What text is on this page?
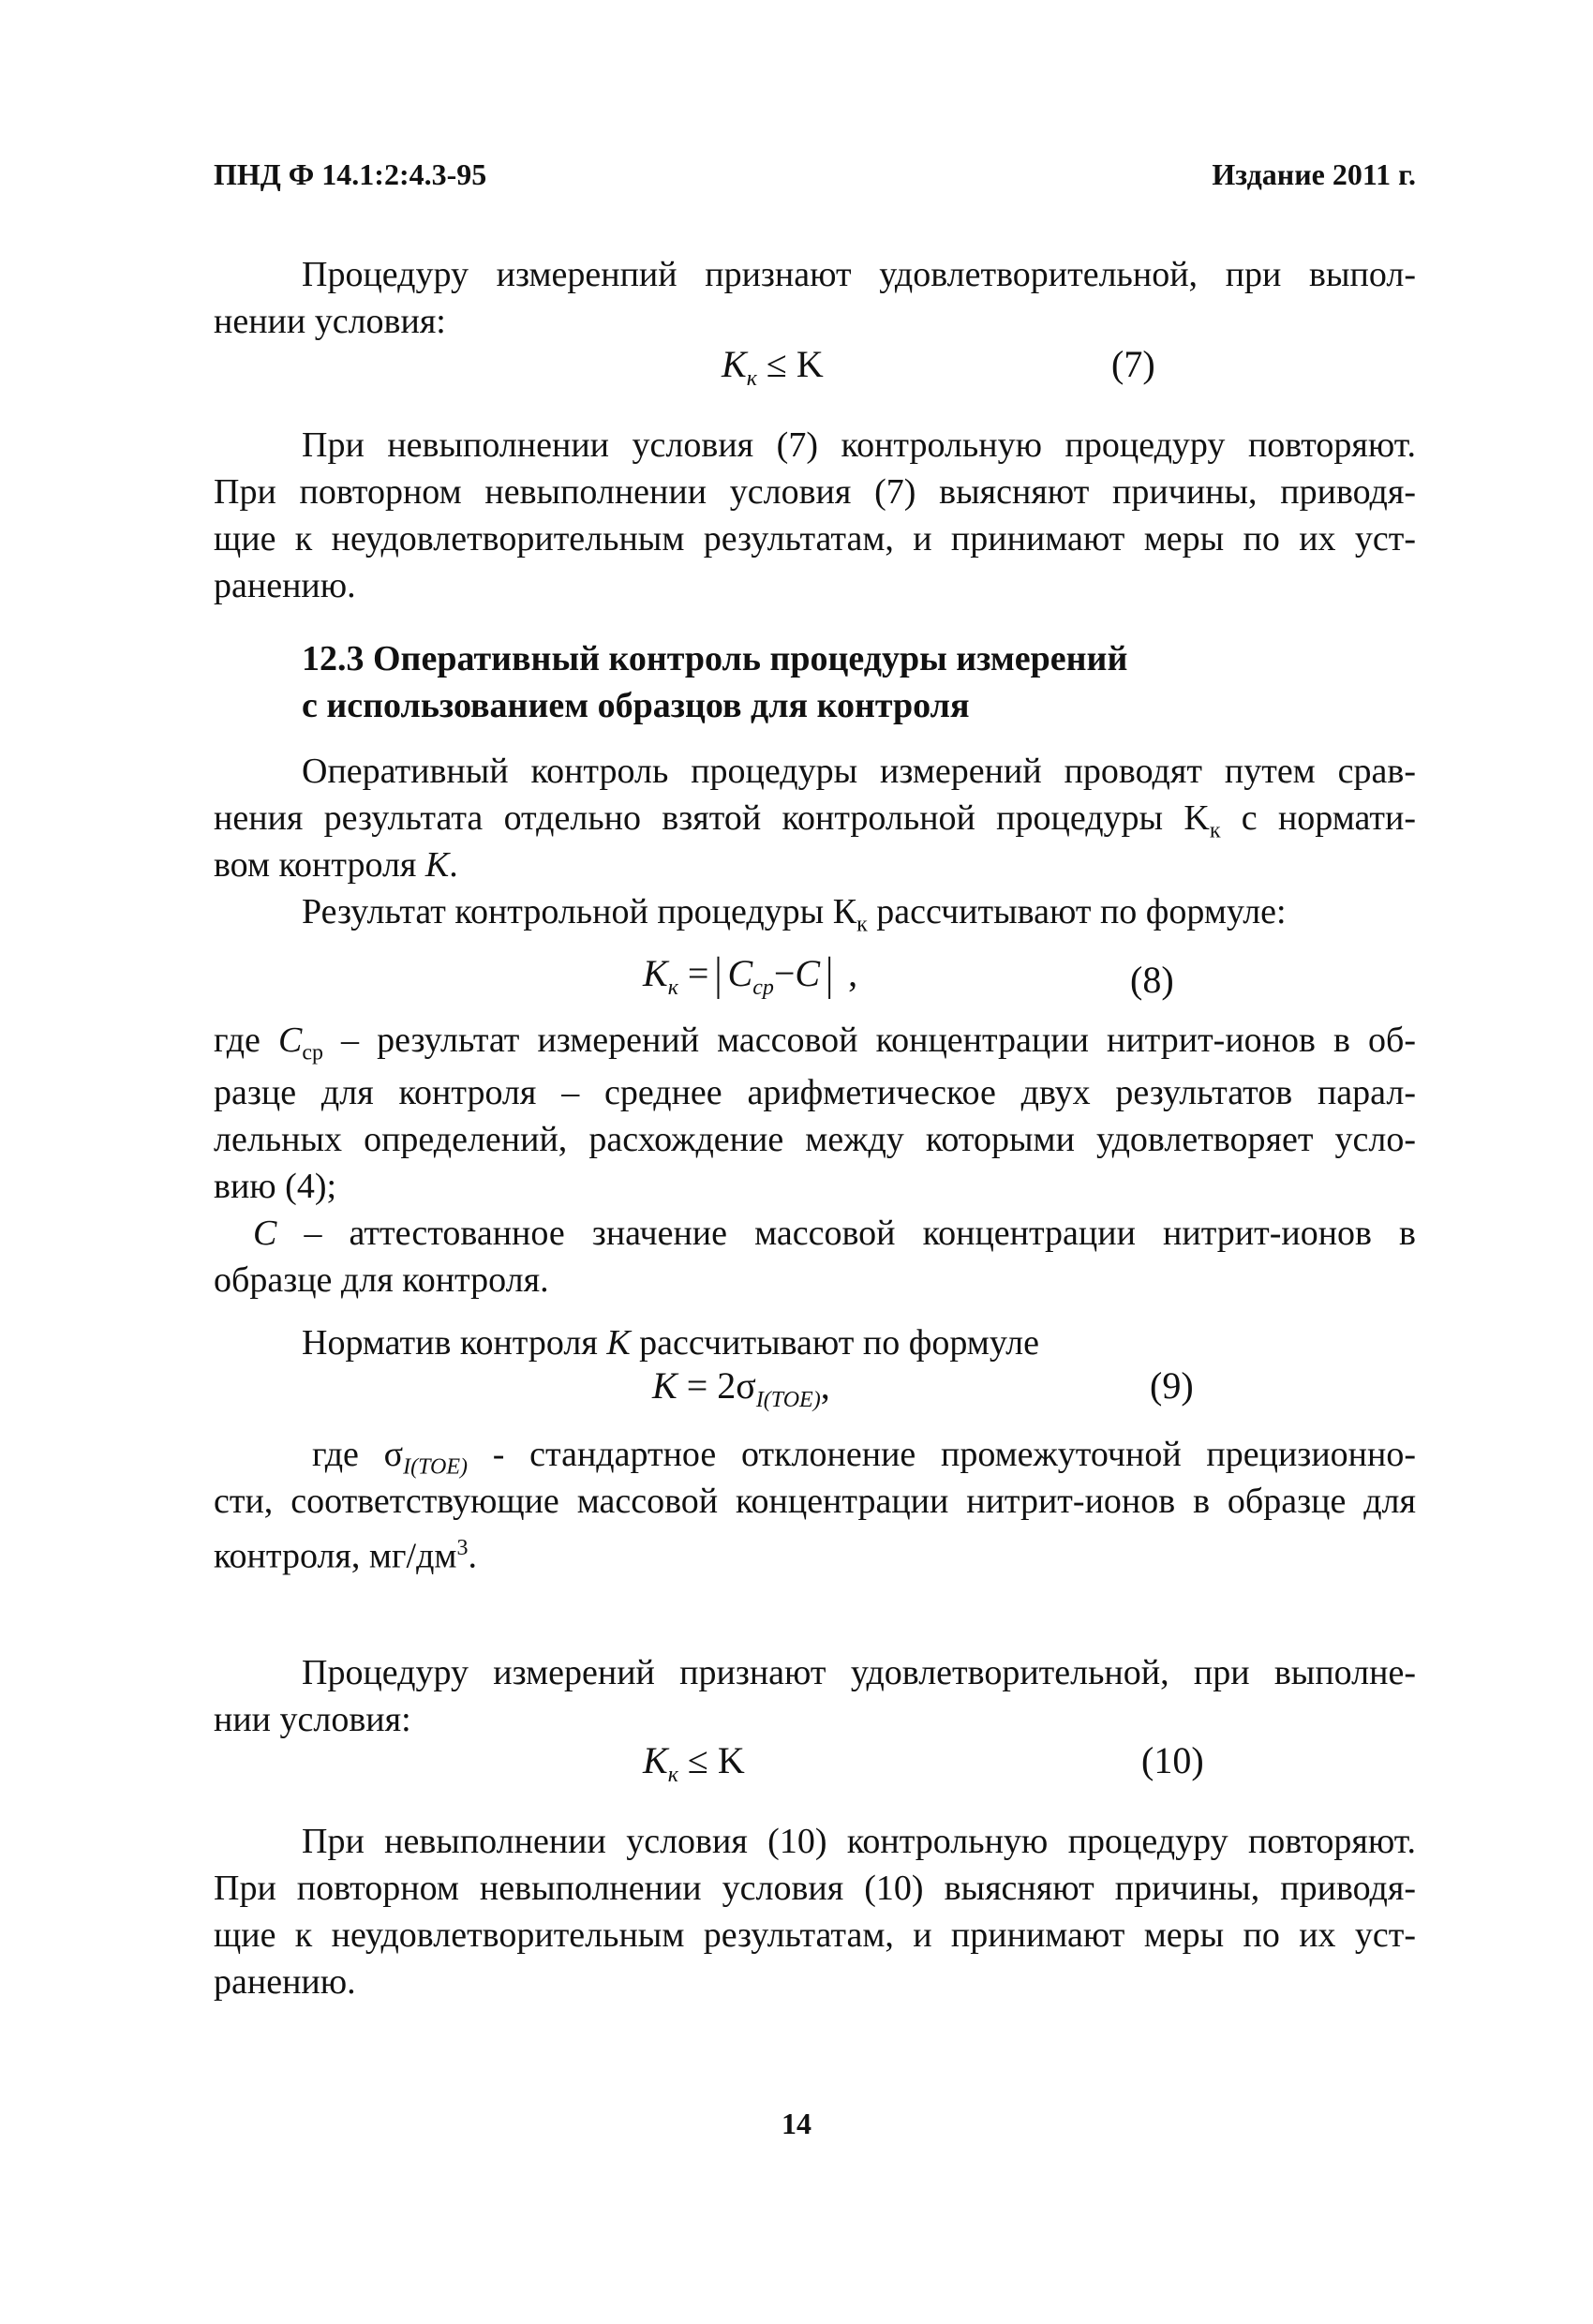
ПНД Ф 14.1:2:4.3-95	Издание 2011 г.
Процедуру измеренпий признают удовлетворительной, при выпол-
нении условия:
$K_к \le K$	(7)
При невыполнении условия (7) контрольную процедуру повторяют.
При повторном невыполнении условия (7) выясняют причины, приводя-
щие к неудовлетворительным результатам, и принимают меры по их уст-
ранению.
12.3 Оперативный контроль процедуры измерений
с использованием образцов для контроля
Оперативный контроль процедуры измерений проводят путем срав-
нения результата отдельно взятой контрольной процедуры $K_к$ с нормати-
вом контроля K.
Результат контрольной процедуры $К_к$ рассчитывают по формуле:
$K_к$ = | $C_{ср}-C$ | ,	(8)
где $C_{ср}$ – результат измерений массовой концентрации нитрит-ионов в об-
разце для контроля – среднее арифметическое двух результатов парал-
лельных определений, расхождение между которыми удовлетворяет усло-
вию (4);
C – аттестованное значение массовой концентрации нитрит-ионов в
образце для контроля.
Норматив контроля K рассчитывают по формуле
$K = 2\sigma_{I(TOE)}$,	(9)
где $\sigma_{I(TOE)}$ - стандартное отклонение промежуточной прецизионно-
сти, соответствующие массовой концентрации нитрит-ионов в образце для
контроля, $мг/дм^3$.
Процедуру измерений признают удовлетворительной, при выполне-
нии условия:
$K_к \le K$	(10)
При невыполнении условия (10) контрольную процедуру повторяют.
При повторном невыполнении условия (10) выясняют причины, приводя-
щие к неудовлетворительным результатам, и принимают меры по их уст-
ранению.
14
